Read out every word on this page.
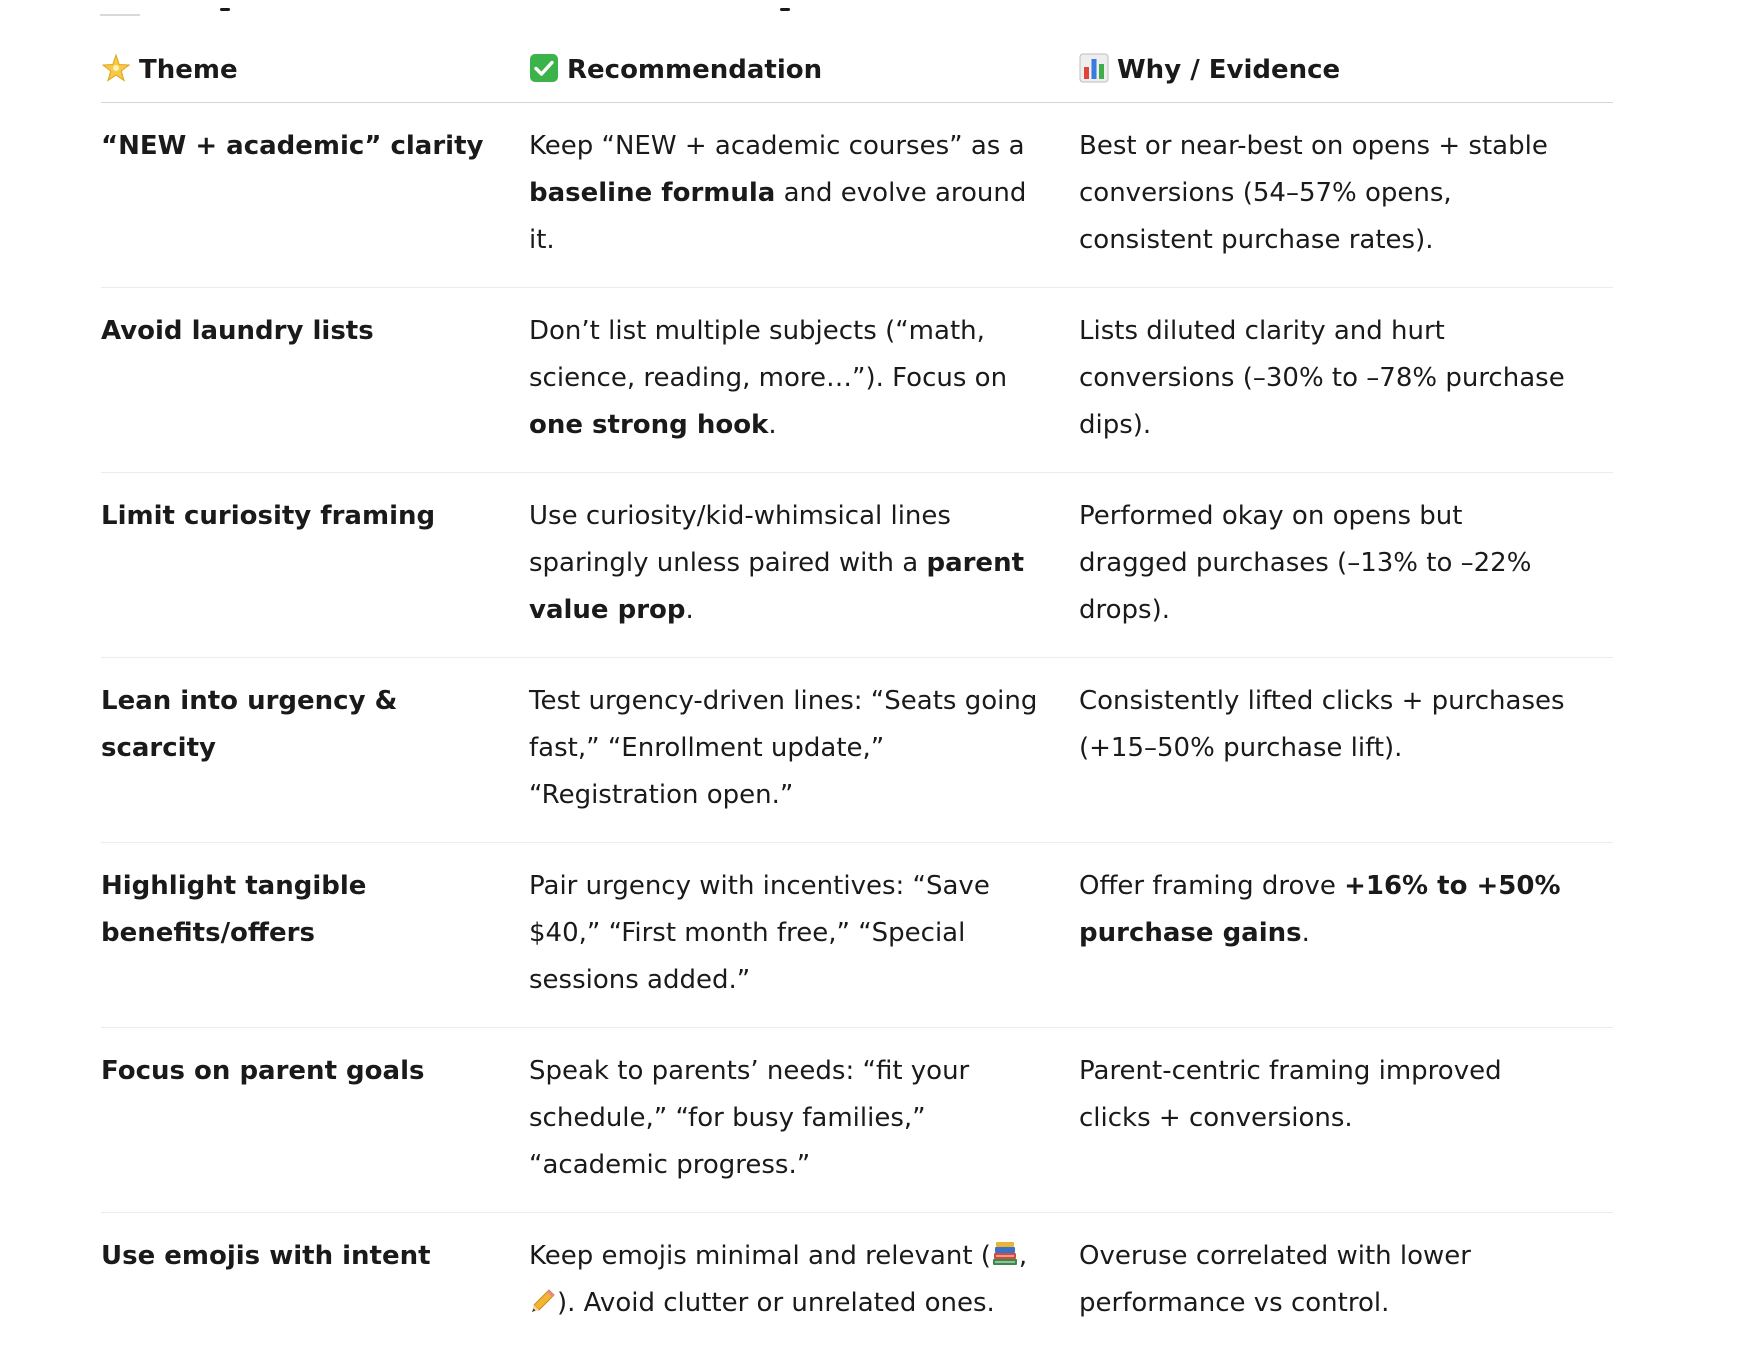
Theme	Recommendation	Why / Evidence
“NEW + academic” clarity	Keep “NEW + academic courses” as a baseline formula and evolve around it.	Best or near-best on opens + stable conversions (54–57% opens, consistent purchase rates).
Avoid laundry lists	Don’t list multiple subjects (“math, science, reading, more…”). Focus on one strong hook.	Lists diluted clarity and hurt conversions (–30% to –78% purchase dips).
Limit curiosity framing	Use curiosity/kid-whimsical lines sparingly unless paired with a parent value prop.	Performed okay on opens but dragged purchases (–13% to –22% drops).
Lean into urgency & scarcity	Test urgency-driven lines: “Seats going fast,” “Enrollment update,” “Registration open.”	Consistently lifted clicks + purchases (+15–50% purchase lift).
Highlight tangible benefits/offers	Pair urgency with incentives: “Save $40,” “First month free,” “Special sessions added.”	Offer framing drove +16% to +50% purchase gains.
Focus on parent goals	Speak to parents’ needs: “fit your schedule,” “for busy families,” “academic progress.”	Parent-centric framing improved clicks + conversions.
Use emojis with intent	Keep emojis minimal and relevant ( ,). Avoid clutter or unrelated ones.	Overuse correlated with lower performance vs control.
